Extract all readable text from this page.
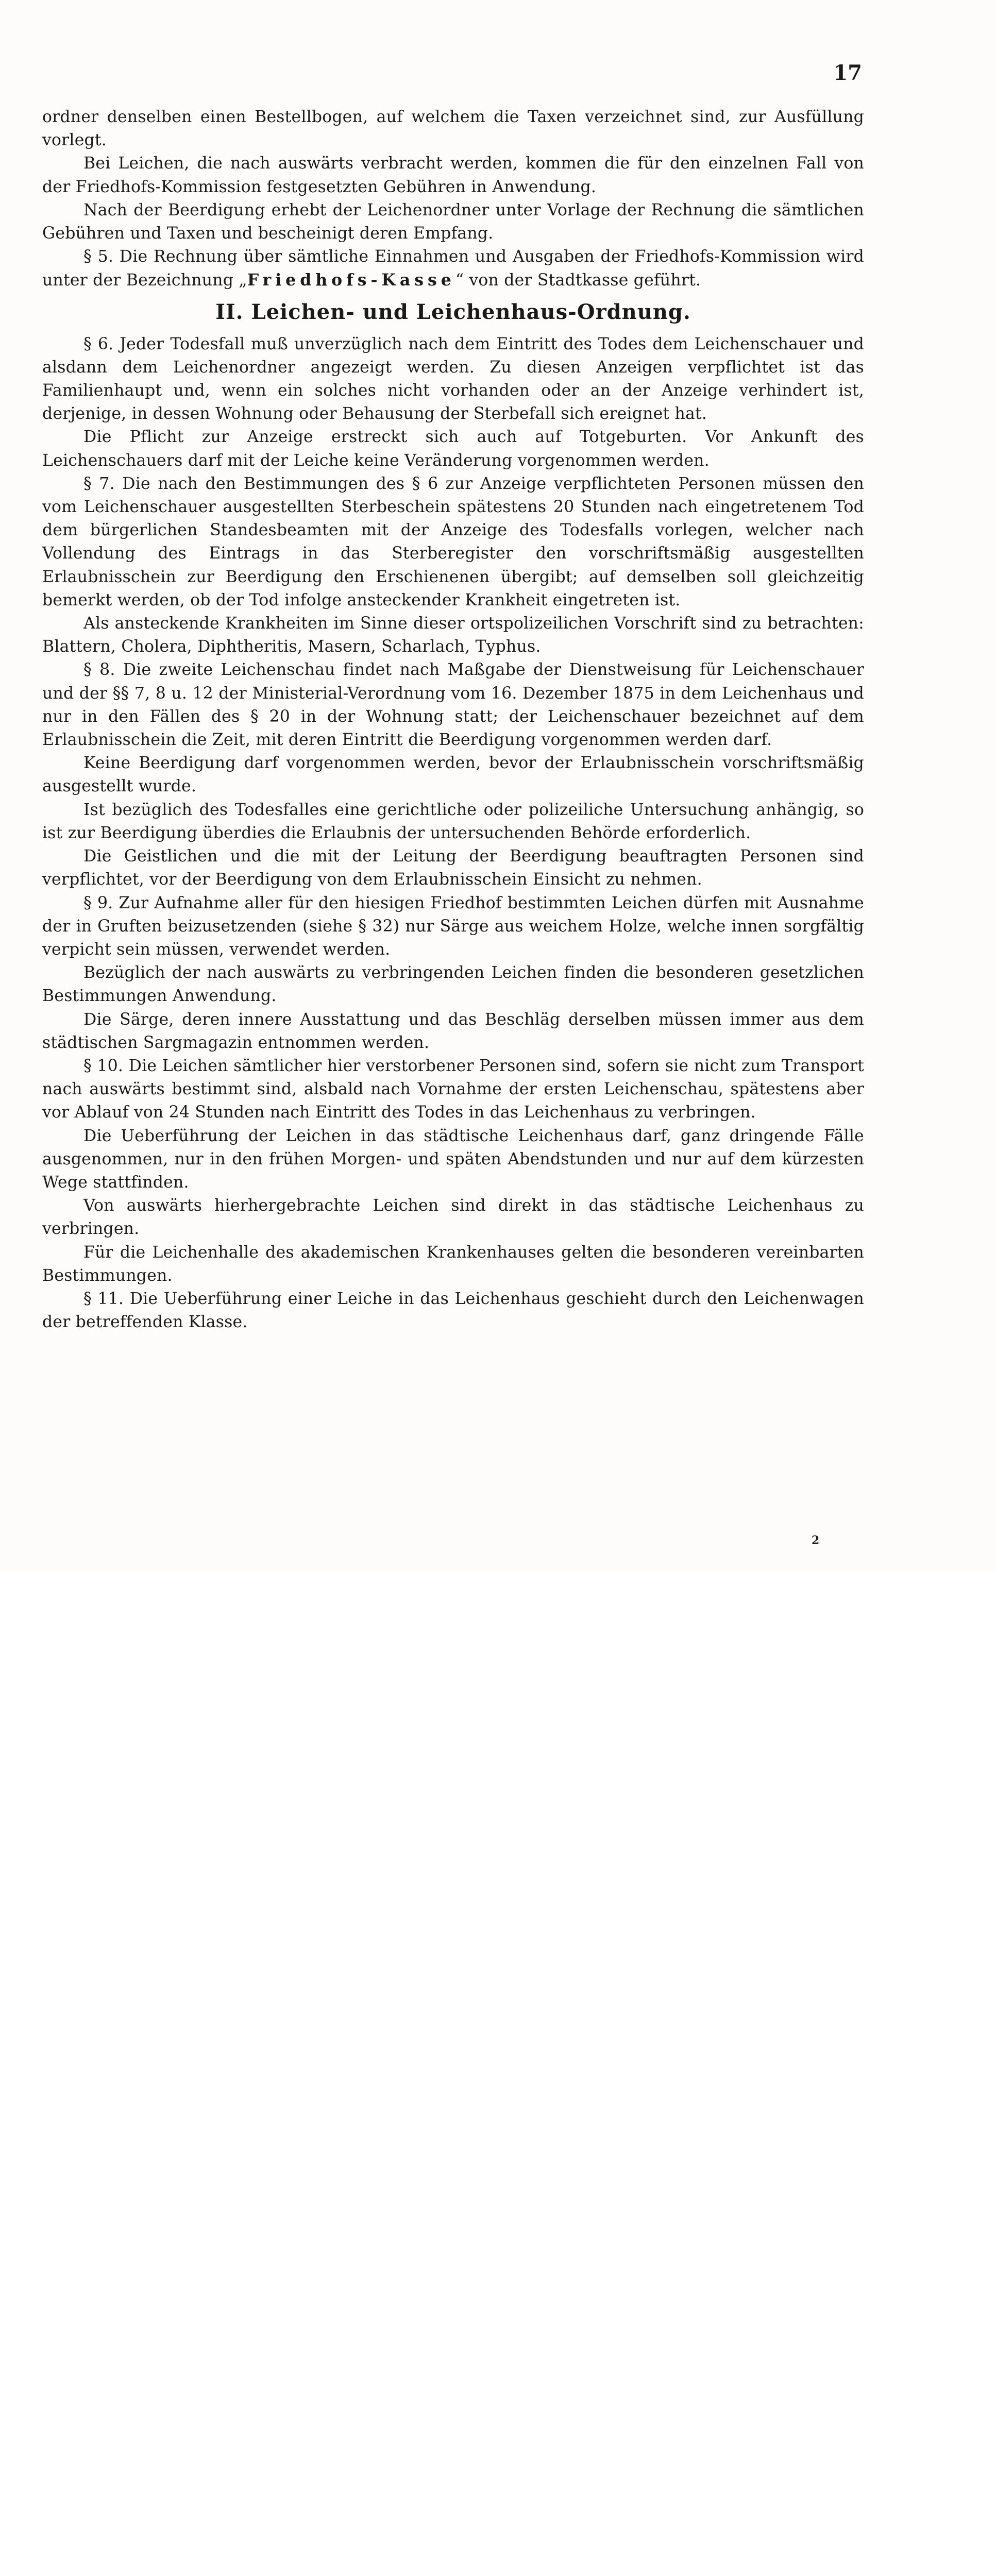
17

ordner denselben einen Bestellbogen, auf welchem die Taxen verzeichnet sind, zur Ausfüllung vorlegt.

Bei Leichen, die nach auswärts verbracht werden, kommen die für den einzelnen Fall von der Friedhofs-Kommission festgesetzten Gebühren in Anwendung.

Nach der Beerdigung erhebt der Leichenordner unter Vorlage der Rechnung die sämtlichen Gebühren und Taxen und bescheinigt deren Empfang.

§ 5. Die Rechnung über sämtliche Einnahmen und Ausgaben der Friedhofs-Kommission wird unter der Bezeichnung „Friedhofs-Kasse“ von der Stadtkasse geführt.

II. Leichen- und Leichenhaus-Ordnung.

§ 6. Jeder Todesfall muß unverzüglich nach dem Eintritt des Todes dem Leichenschauer und alsdann dem Leichenordner angezeigt werden. Zu diesen Anzeigen verpflichtet ist das Familienhaupt und, wenn ein solches nicht vorhanden oder an der Anzeige verhindert ist, derjenige, in dessen Wohnung oder Behausung der Sterbefall sich ereignet hat.

Die Pflicht zur Anzeige erstreckt sich auch auf Totgeburten. Vor Ankunft des Leichenschauers darf mit der Leiche keine Veränderung vorgenommen werden.

§ 7. Die nach den Bestimmungen des § 6 zur Anzeige verpflichteten Personen müssen den vom Leichenschauer ausgestellten Sterbeschein spätestens 20 Stunden nach eingetretenem Tod dem bürgerlichen Standesbeamten mit der Anzeige des Todesfalls vorlegen, welcher nach Vollendung des Eintrags in das Sterberegister den vorschriftsmäßig ausgestellten Erlaubnisschein zur Beerdigung den Erschienenen übergibt; auf demselben soll gleichzeitig bemerkt werden, ob der Tod infolge ansteckender Krankheit eingetreten ist.

Als ansteckende Krankheiten im Sinne dieser ortspolizeilichen Vorschrift sind zu betrachten: Blattern, Cholera, Diphtheritis, Masern, Scharlach, Typhus.

§ 8. Die zweite Leichenschau findet nach Maßgabe der Dienstweisung für Leichenschauer und der §§ 7, 8 u. 12 der Ministerial-Verordnung vom 16. Dezember 1875 in dem Leichenhaus und nur in den Fällen des § 20 in der Wohnung statt; der Leichenschauer bezeichnet auf dem Erlaubnisschein die Zeit, mit deren Eintritt die Beerdigung vorgenommen werden darf.

Keine Beerdigung darf vorgenommen werden, bevor der Erlaubnisschein vorschriftsmäßig ausgestellt wurde.

Ist bezüglich des Todesfalles eine gerichtliche oder polizeiliche Untersuchung anhängig, so ist zur Beerdigung überdies die Erlaubnis der untersuchenden Behörde erforderlich.

Die Geistlichen und die mit der Leitung der Beerdigung beauftragten Personen sind verpflichtet, vor der Beerdigung von dem Erlaubnisschein Einsicht zu nehmen.

§ 9. Zur Aufnahme aller für den hiesigen Friedhof bestimmten Leichen dürfen mit Ausnahme der in Gruften beizusetzenden (siehe § 32) nur Särge aus weichem Holze, welche innen sorgfältig verpicht sein müssen, verwendet werden.

Bezüglich der nach auswärts zu verbringenden Leichen finden die besonderen gesetzlichen Bestimmungen Anwendung.

Die Särge, deren innere Ausstattung und das Beschläg derselben müssen immer aus dem städtischen Sargmagazin entnommen werden.

§ 10. Die Leichen sämtlicher hier verstorbener Personen sind, sofern sie nicht zum Transport nach auswärts bestimmt sind, alsbald nach Vornahme der ersten Leichenschau, spätestens aber vor Ablauf von 24 Stunden nach Eintritt des Todes in das Leichenhaus zu verbringen.

Die Ueberführung der Leichen in das städtische Leichenhaus darf, ganz dringende Fälle ausgenommen, nur in den frühen Morgen- und späten Abendstunden und nur auf dem kürzesten Wege stattfinden.

Von auswärts hierhergebrachte Leichen sind direkt in das städtische Leichenhaus zu verbringen.

Für die Leichenhalle des akademischen Krankenhauses gelten die besonderen vereinbarten Bestimmungen.

§ 11. Die Ueberführung einer Leiche in das Leichenhaus geschieht durch den Leichenwagen der betreffenden Klasse.

2
